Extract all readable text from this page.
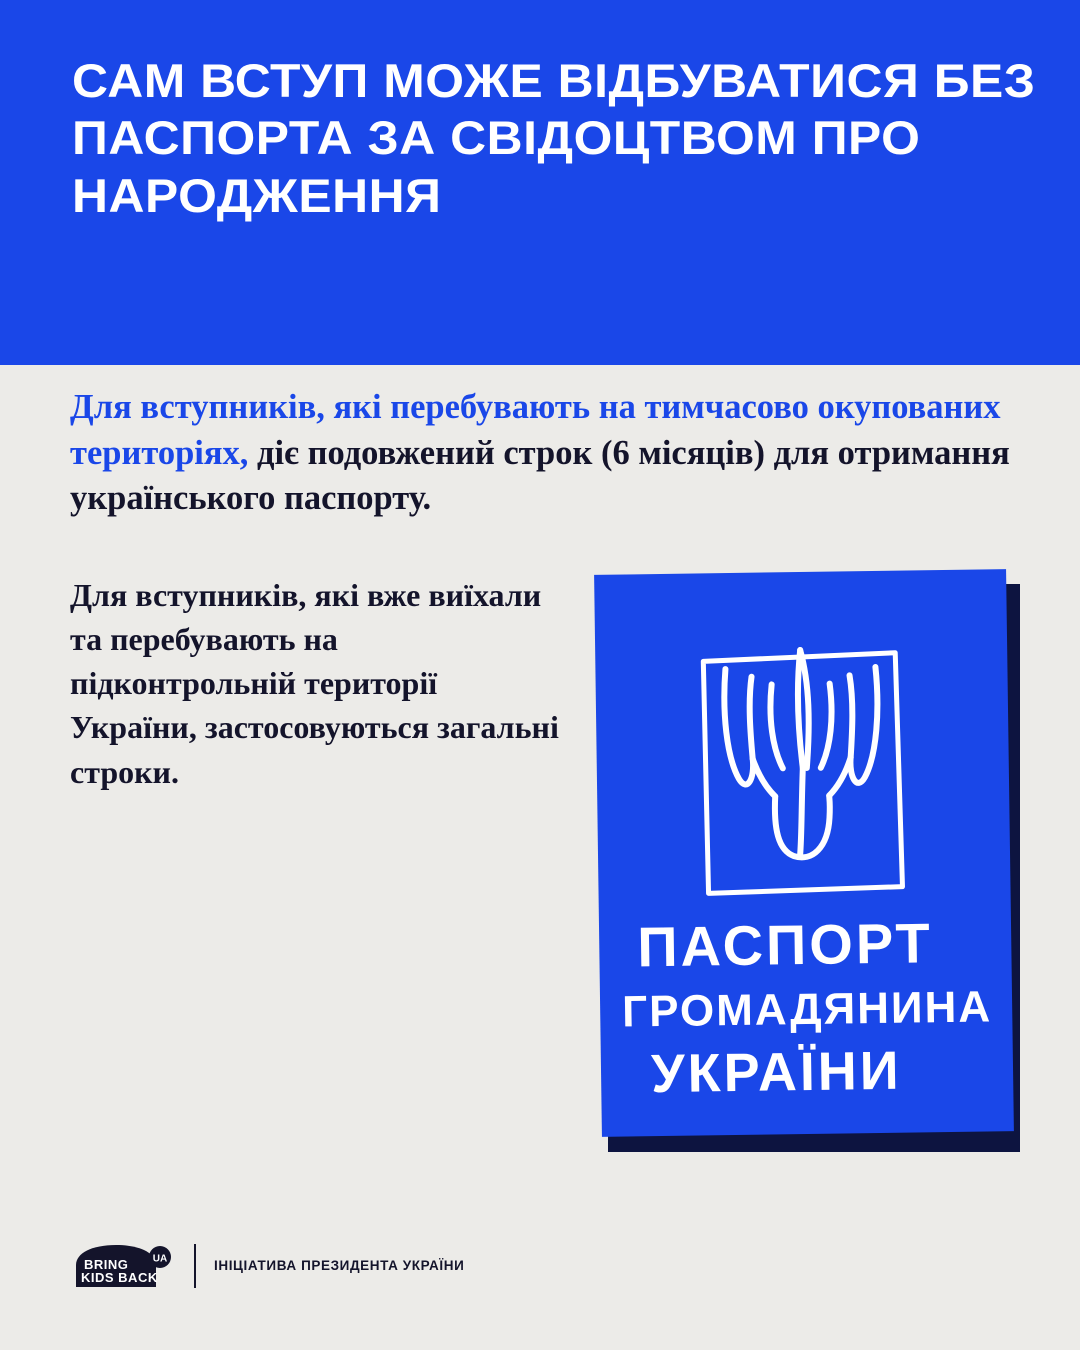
САМ ВСТУП МОЖЕ ВІДБУВАТИСЯ БЕЗ ПАСПОРТА ЗА СВІДОЦТВОМ ПРО НАРОДЖЕННЯ
Для вступників, які перебувають на тимчасово окупованих територіях, діє подовжений строк (6 місяців) для отримання українського паспорту.
Для вступників, які вже виїхали та перебувають на підконтрольній території України, застосовуються загальні строки.
ПАСПОРТ
ГРОМАДЯНИНА
УКРАЇНИ
UA
BRING
KIDS BACK
ІНІЦІАТИВА ПРЕЗИДЕНТА УКРАЇНИ
